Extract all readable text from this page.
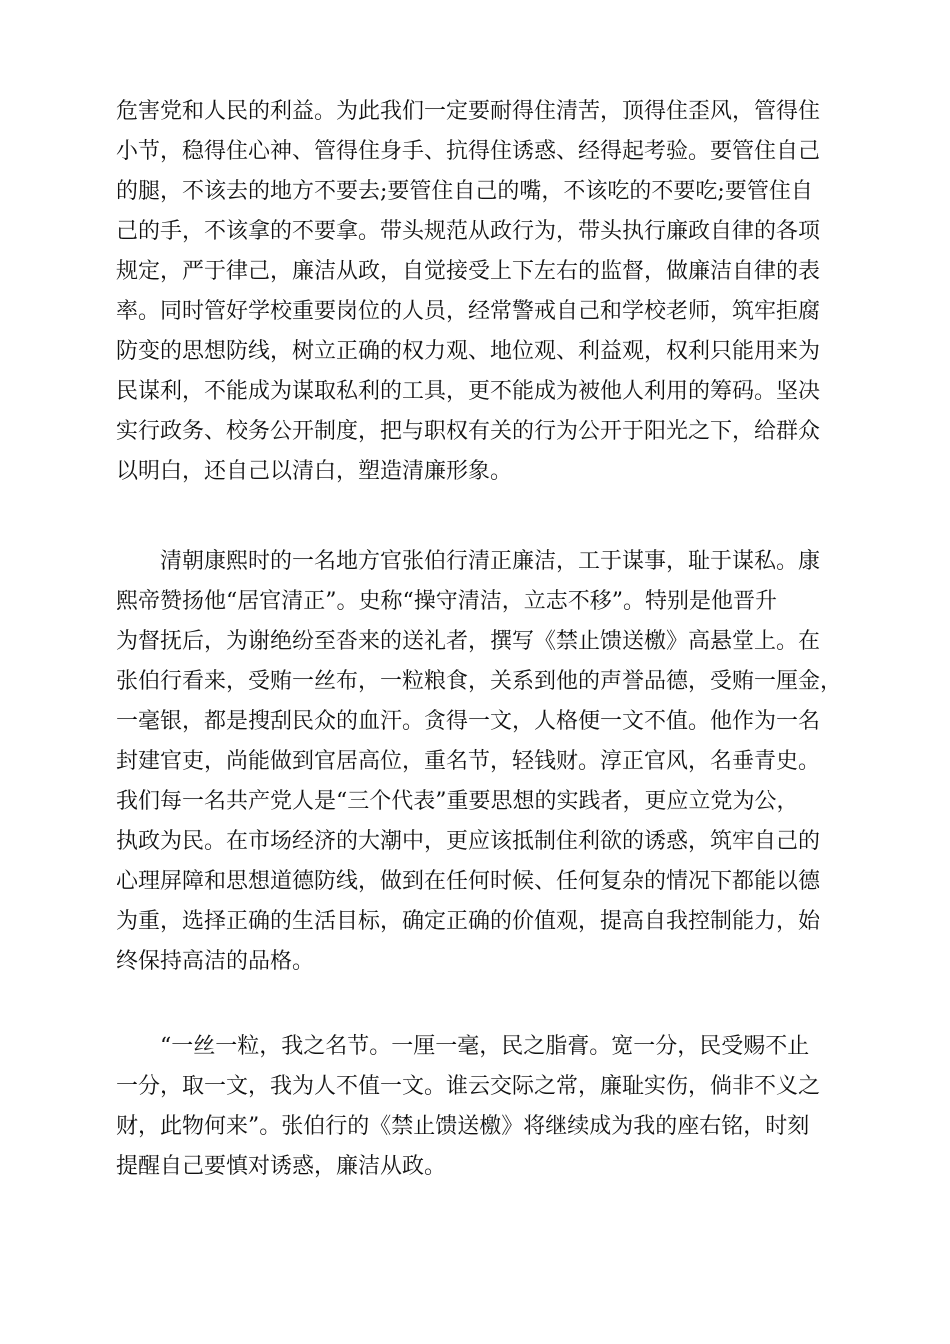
危害党和人民的利益。为此我们一定要耐得住清苦，顶得住歪风，管得住
小节，稳得住心神、管得住身手、抗得住诱惑、经得起考验。要管住自己
的腿，不该去的地方不要去;要管住自己的嘴，不该吃的不要吃;要管住自
己的手，不该拿的不要拿。带头规范从政行为，带头执行廉政自律的各项
规定，严于律己，廉洁从政，自觉接受上下左右的监督，做廉洁自律的表
率。同时管好学校重要岗位的人员，经常警戒自己和学校老师，筑牢拒腐
防变的思想防线，树立正确的权力观、地位观、利益观，权利只能用来为
民谋利，不能成为谋取私利的工具，更不能成为被他人利用的筹码。坚决
实行政务、校务公开制度，把与职权有关的行为公开于阳光之下，给群众
以明白，还自己以清白，塑造清廉形象。
清朝康熙时的一名地方官张伯行清正廉洁，工于谋事，耻于谋私。康
熙帝赞扬他“居官清正”。史称“操守清洁，立志不移”。特别是他晋升
为督抚后，为谢绝纷至沓来的送礼者，撰写《禁止馈送檄》高悬堂上。在
张伯行看来，受贿一丝布，一粒粮食，关系到他的声誉品德，受贿一厘金，
一毫银，都是搜刮民众的血汗。贪得一文，人格便一文不值。他作为一名
封建官吏，尚能做到官居高位，重名节，轻钱财。淳正官风，名垂青史。
我们每一名共产党人是“三个代表”重要思想的实践者，更应立党为公，
执政为民。在市场经济的大潮中，更应该抵制住利欲的诱惑，筑牢自己的
心理屏障和思想道德防线，做到在任何时候、任何复杂的情况下都能以德
为重，选择正确的生活目标，确定正确的价值观，提高自我控制能力，始
终保持高洁的品格。
“一丝一粒，我之名节。一厘一毫，民之脂膏。宽一分，民受赐不止
一分，取一文，我为人不值一文。谁云交际之常，廉耻实伤，倘非不义之
财，此物何来”。张伯行的《禁止馈送檄》将继续成为我的座右铭，时刻
提醒自己要慎对诱惑，廉洁从政。
